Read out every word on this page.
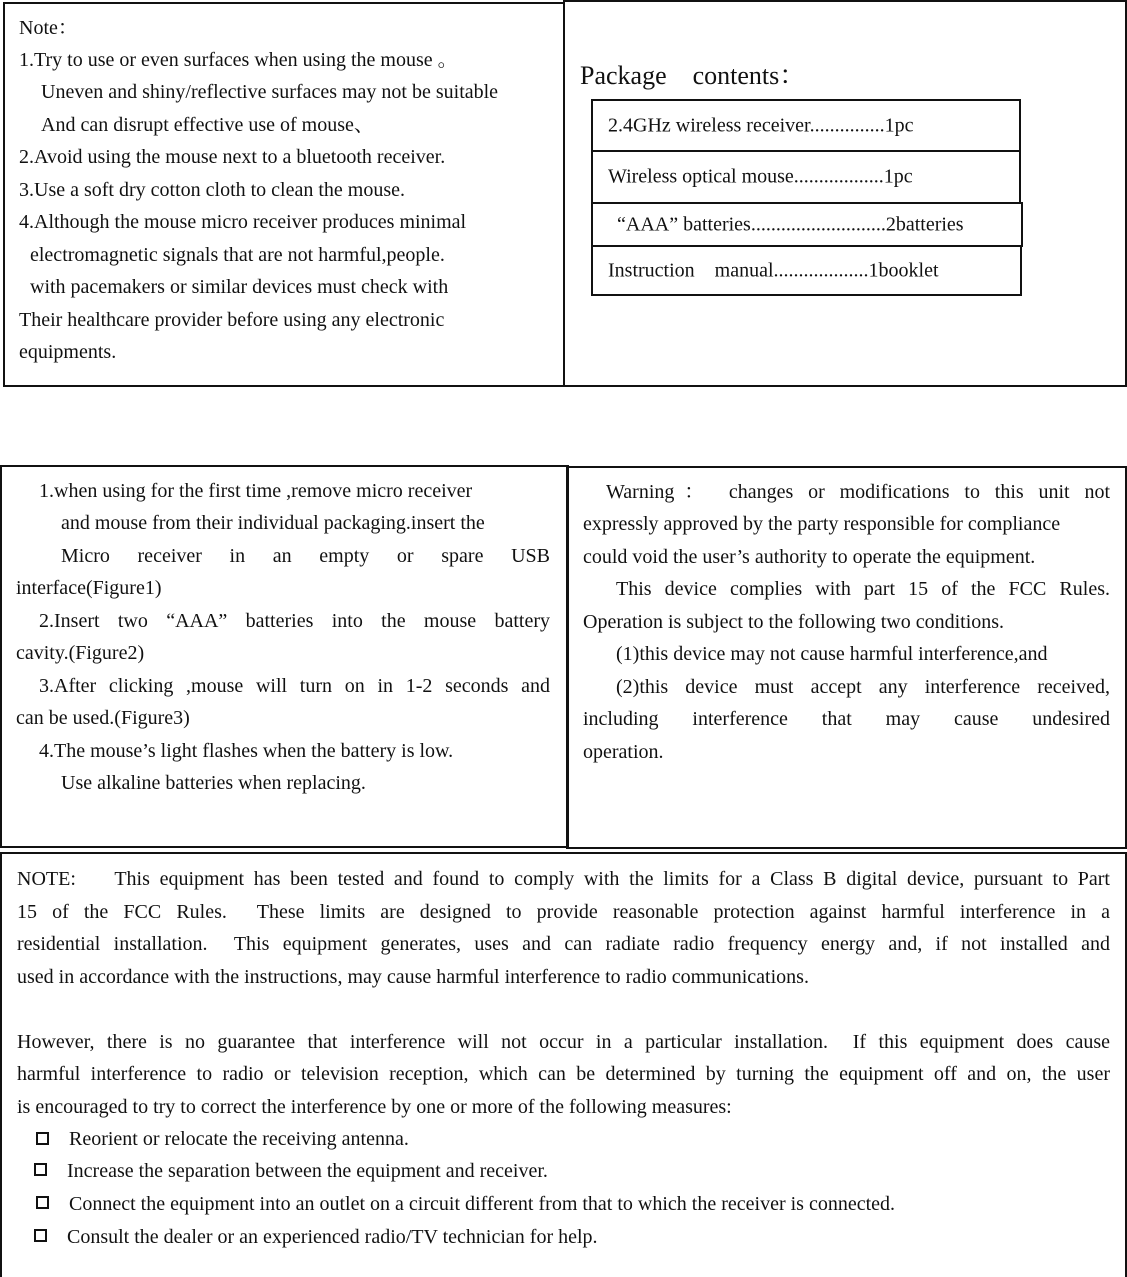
Note：
1.Try to use or even surfaces when using the mouse 。
Uneven and shiny/reflective surfaces may not be suitable
And can disrupt effective use of mouse、
2.Avoid using the mouse next to a bluetooth receiver.
3.Use a soft dry cotton cloth to clean the mouse.
4.Although the mouse micro receiver produces minimal
electromagnetic signals that are not harmful,people.
with pacemakers or similar devices must check with
Their healthcare provider before using any electronic
equipments.
Package    contents：
2.4GHz wireless receiver...............1pc
Wireless optical mouse..................1pc
“AAA” batteries...........................2batteries
Instruction    manual...................1booklet
1.when using for the first time ,remove micro receiver
and mouse from their individual packaging.insert the
Micro receiver in an empty or spare USB
interface(Figure1)
2.Insert two “AAA” batteries into the mouse battery
cavity.(Figure2)
3.After clicking ,mouse will turn on in 1-2 seconds and
can be used.(Figure3)
4.The mouse’s light flashes when the battery is low.
Use alkaline batteries when replacing.
Warning： changes or modifications to this unit not
expressly approved by the party responsible for compliance
could void the user’s authority to operate the equipment.
This device complies with part 15 of the FCC Rules.
Operation is subject to the following two conditions.
(1)this device may not cause harmful interference,and
(2)this device must accept any interference received,
including interference that may cause undesired
operation.
NOTE:    This equipment has been tested and found to comply with the limits for a Class B digital device, pursuant to Part
15 of the FCC Rules.  These limits are designed to provide reasonable protection against harmful interference in a
residential installation.  This equipment generates, uses and can radiate radio frequency energy and, if not installed and
used in accordance with the instructions, may cause harmful interference to radio communications.
However, there is no guarantee that interference will not occur in a particular installation.  If this equipment does cause
harmful interference to radio or television reception, which can be determined by turning the equipment off and on, the user
is encouraged to try to correct the interference by one or more of the following measures:
Reorient or relocate the receiving antenna.
Increase the separation between the equipment and receiver.
Connect the equipment into an outlet on a circuit different from that to which the receiver is connected.
Consult the dealer or an experienced radio/TV technician for help.
